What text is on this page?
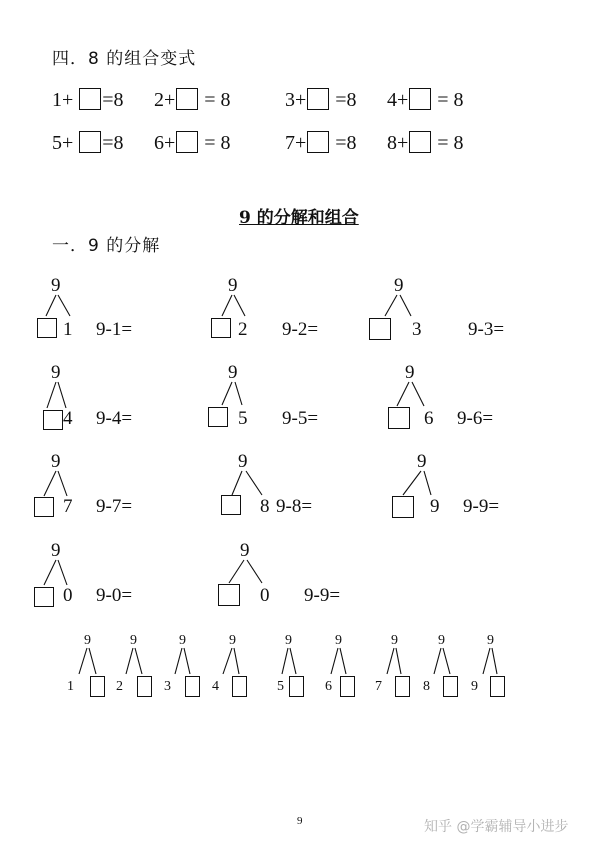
四．8 的组合变式
1+ =8 2+ = 8	3+ =8 4+ = 8
5+ =8 6+ = 8	7+ =8 8+ = 8
9 的分解和组合
一．9 的分解
9
1 9-1=
9
2 9-2=
9
3 9-3=
9
4 9-4=
9
5 9-5=
9
6 9-6=
9
7 9-7=
9
8 9-8=
9
9 9-9=
9
0 9-0=
9
0 9-9=
9
1
9
2
9
3
9
4
9
5
9
6
9
7
9
8
9
9
9	知乎 @学霸辅导小进步
